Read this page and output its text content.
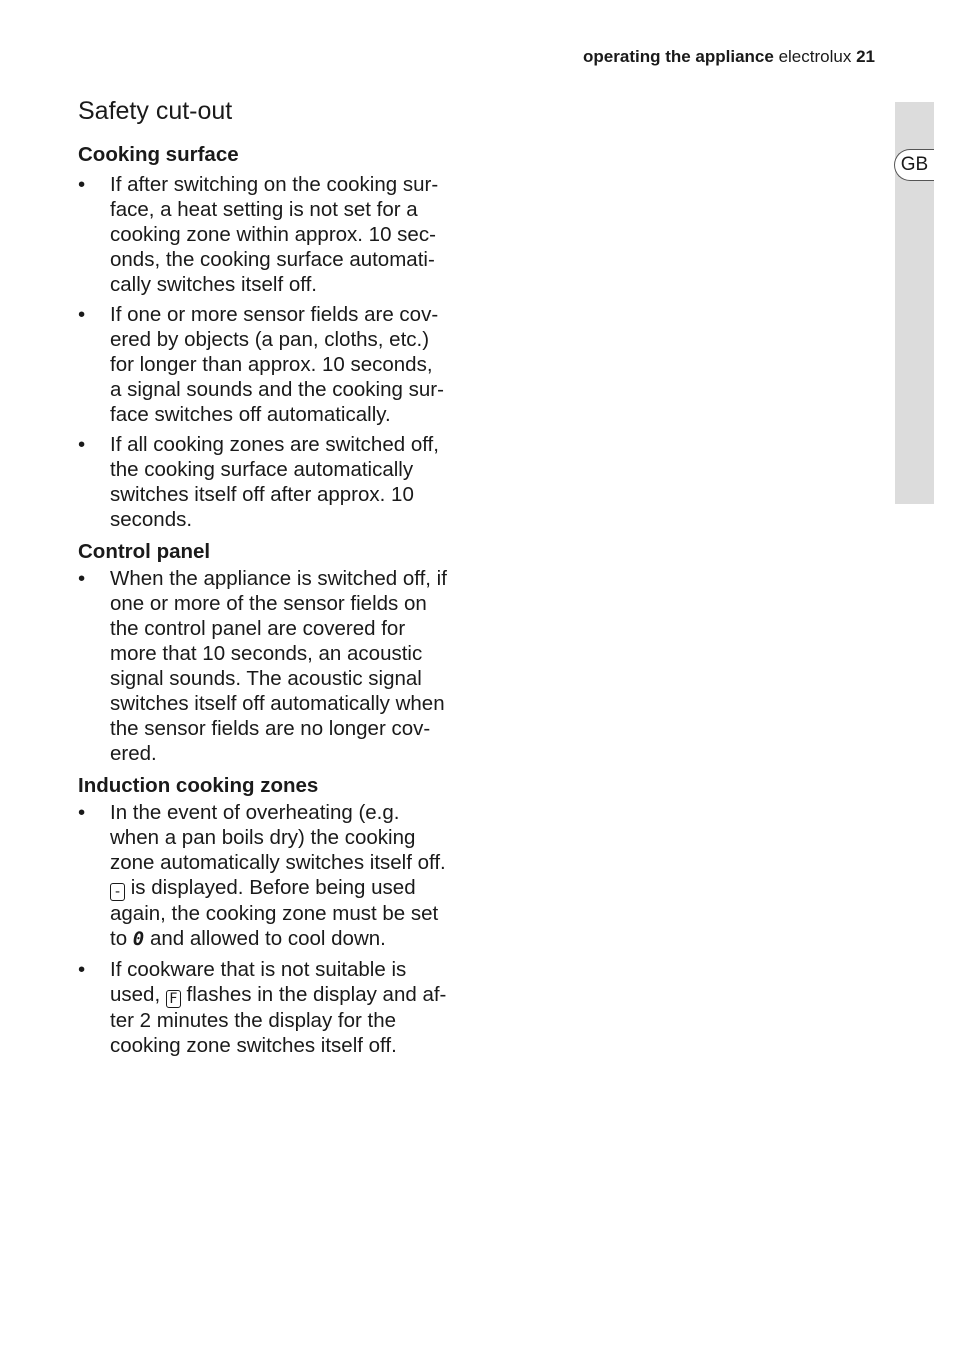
operating the appliance electrolux 21
GB
Safety cut-out
Cooking surface
• If after switching on the cooking sur-
face, a heat setting is not set for a
cooking zone within approx. 10 sec-
onds, the cooking surface automati-
cally switches itself off.
• If one or more sensor fields are cov-
ered by objects (a pan, cloths, etc.)
for longer than approx. 10 seconds,
a signal sounds and the cooking sur-
face switches off automatically.
• If all cooking zones are switched off,
the cooking surface automatically
switches itself off after approx. 10
seconds.
Control panel
• When the appliance is switched off, if
one or more of the sensor fields on
the control panel are covered for
more that 10 seconds, an acoustic
signal sounds. The acoustic signal
switches itself off automatically when
the sensor fields are no longer cov-
ered.
Induction cooking zones
• In the event of overheating (e.g.
when a pan boils dry) the cooking
zone automatically switches itself off.
- is displayed. Before being used
again, the cooking zone must be set
to 0 and allowed to cool down.
• If cookware that is not suitable is
used, F flashes in the display and af-
ter 2 minutes the display for the
cooking zone switches itself off.
